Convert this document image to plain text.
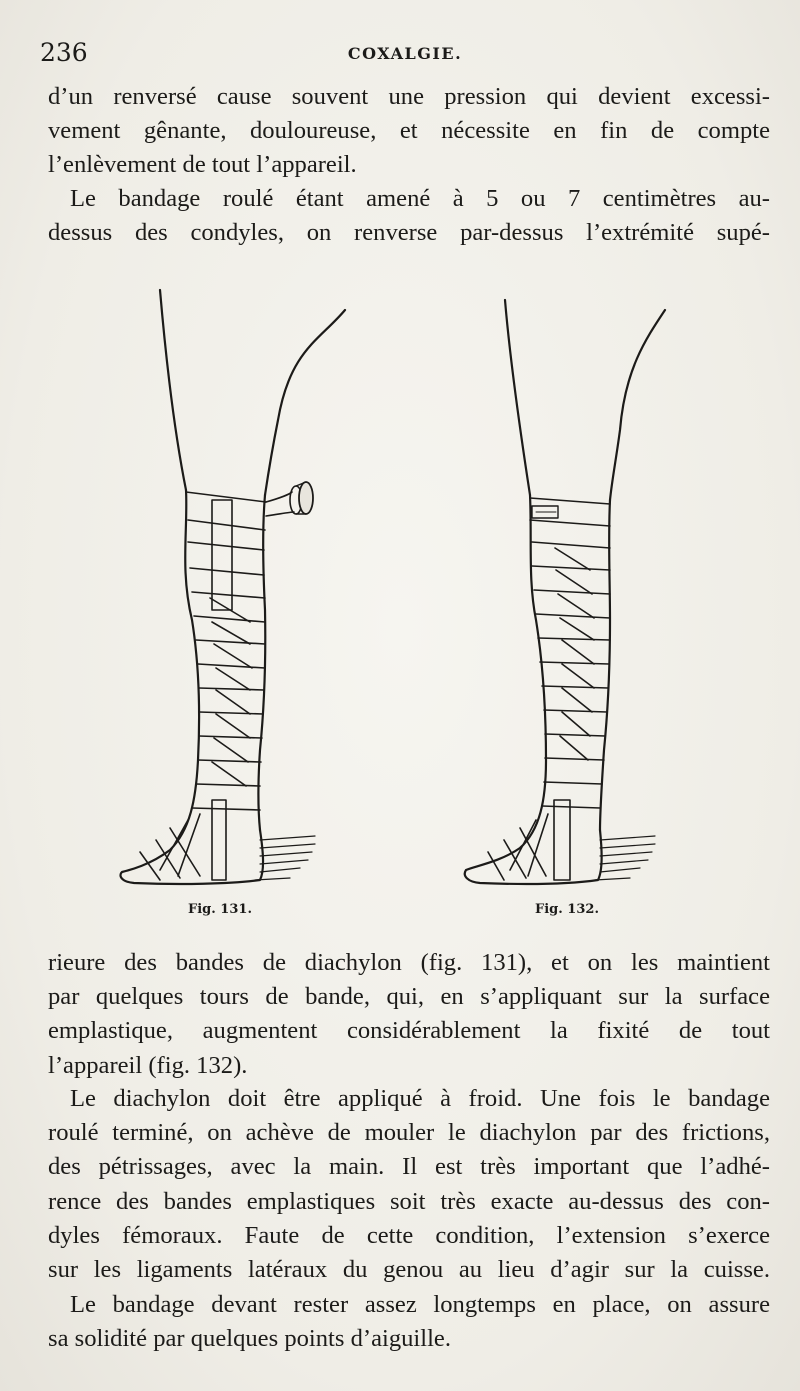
236	COXALGIE.

d’un renversé cause souvent une pression qui devient excessi-
vement gênante, douloureuse, et nécessite en fin de compte
l’enlèvement de tout l’appareil.

Le bandage roulé étant amené à 5 ou 7 centimètres au-
dessus des condyles, on renverse par-dessus l’extrémité supé-

Fig. 131.	Fig. 132.

rieure des bandes de diachylon (fig. 131), et on les maintient
par quelques tours de bande, qui, en s’appliquant sur la surface
emplastique, augmentent considérablement la fixité de tout
l’appareil (fig. 132).

Le diachylon doit être appliqué à froid. Une fois le bandage
roulé terminé, on achève de mouler le diachylon par des frictions,
des pétrissages, avec la main. Il est très important que l’adhé-
rence des bandes emplastiques soit très exacte au-dessus des con-
dyles fémoraux. Faute de cette condition, l’extension s’exerce
sur les ligaments latéraux du genou au lieu d’agir sur la cuisse.

Le bandage devant rester assez longtemps en place, on assure
sa solidité par quelques points d’aiguille.
